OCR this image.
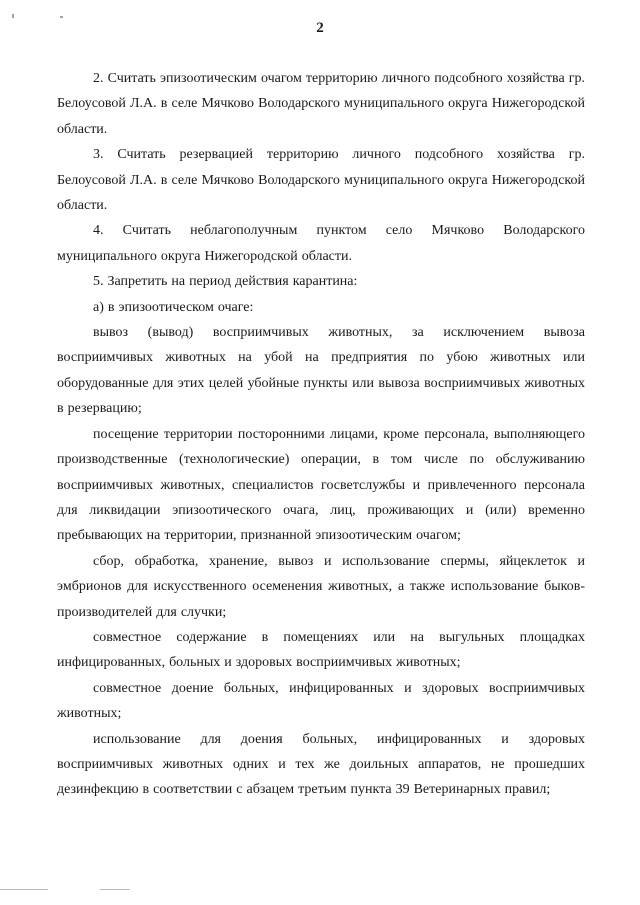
2

2. Считать эпизоотическим очагом территорию личного подсобного хозяйства гр. Белоусовой Л.А. в селе Мячково Володарского муниципального округа Нижегородской области.

3. Считать резервацией территорию личного подсобного хозяйства гр. Белоусовой Л.А. в селе Мячково Володарского муниципального округа Нижегородской области.

4. Считать неблагополучным пунктом село Мячково Володарского муниципального округа Нижегородской области.

5. Запретить на период действия карантина:

а) в эпизоотическом очаге:

вывоз (вывод) восприимчивых животных, за исключением вывоза восприимчивых животных на убой на предприятия по убою животных или оборудованные для этих целей убойные пункты или вывоза восприимчивых животных в резервацию;

посещение территории посторонними лицами, кроме персонала, выполняющего производственные (технологические) операции, в том числе по обслуживанию восприимчивых животных, специалистов госветслужбы и привлеченного персонала для ликвидации эпизоотического очага, лиц, проживающих и (или) временно пребывающих на территории, признанной эпизоотическим очагом;

сбор, обработка, хранение, вывоз и использование спермы, яйцеклеток и эмбрионов для искусственного осеменения животных, а также использование быков-производителей для случки;

совместное содержание в помещениях или на выгульных площадках инфицированных, больных и здоровых восприимчивых животных;

совместное доение больных, инфицированных и здоровых восприимчивых животных;

использование для доения больных, инфицированных и здоровых восприимчивых животных одних и тех же доильных аппаратов, не прошедших дезинфекцию в соответствии с абзацем третьим пункта 39 Ветеринарных правил;
